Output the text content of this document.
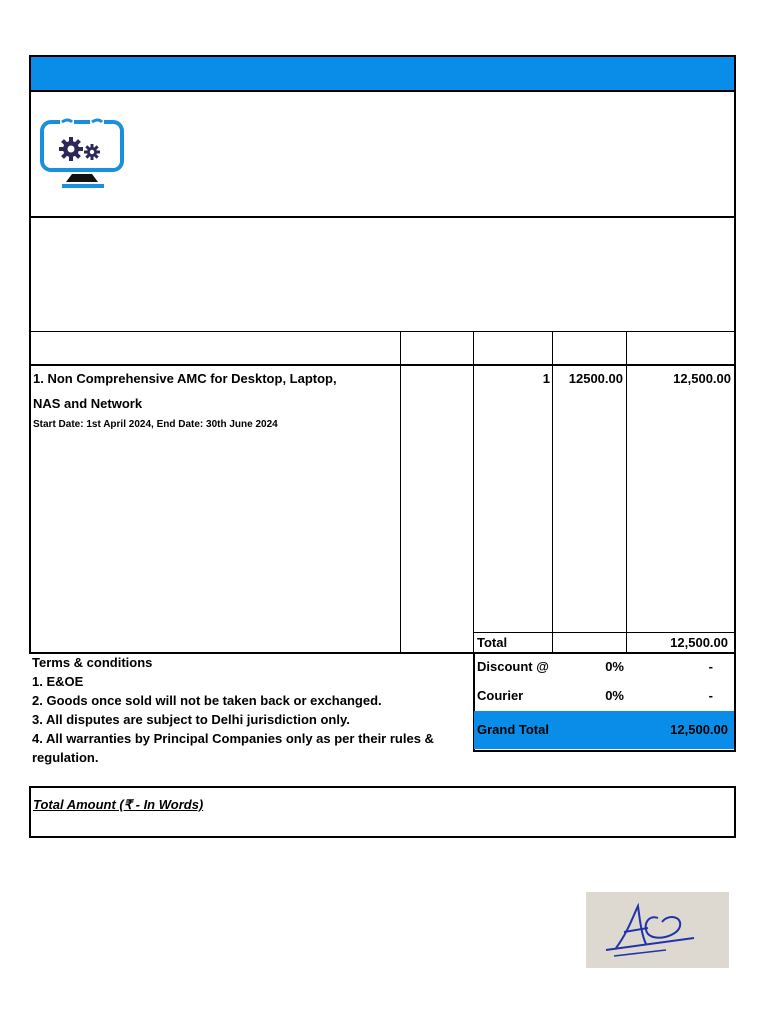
1. Non Comprehensive AMC for Desktop, Laptop,
NAS and Network
Start Date: 1st April 2024, End Date: 30th June 2024
1	12500.00	12,500.00
Total	12,500.00
Discount @	0%	-
Courier	0%	-
Grand Total	12,500.00
Terms & conditions
1. E&OE
2. Goods once sold will not be taken back or exchanged.
3. All disputes are subject to Delhi jurisdiction only.
4. All warranties by Principal Companies only as per their rules &
regulation.
Total Amount (₹ - In Words)
